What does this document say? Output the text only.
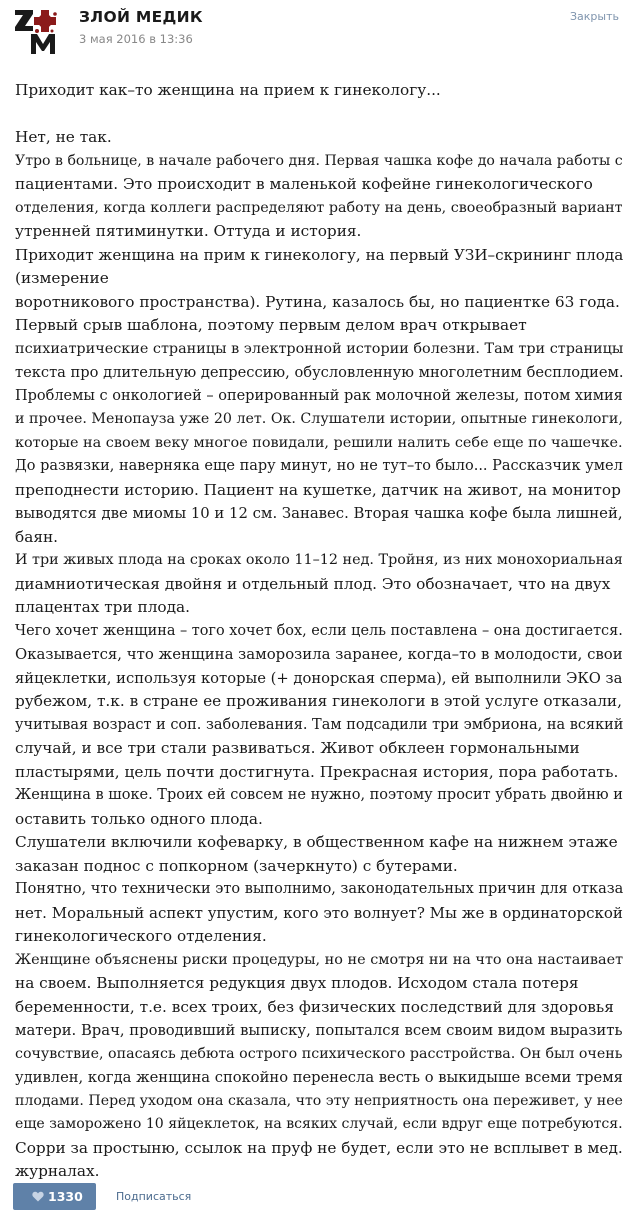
ЗЛОЙ МЕДИК
3 мая 2016 в 13:36
Закрыть
Приходит как–то женщина на прием к гинекологу...
Нет, не так.
Утро в больнице, в начале рабочего дня. Первая чашка кофе до начала работы с
пациентами. Это происходит в маленькой кофейне гинекологического
отделения, когда коллеги распределяют работу на день, своеобразный вариант
утренней пятиминутки. Оттуда и история.
Приходит женщина на прим к гинекологу, на первый УЗИ–скрининг плода
(измерение
воротникового пространства). Рутина, казалось бы, но пациентке 63 года.
Первый срыв шаблона, поэтому первым делом врач открывает
психиатрические страницы в электронной истории болезни. Там три страницы
текста про длительную депрессию, обусловленную многолетним бесплодием.
Проблемы с онкологией – оперированный рак молочной железы, потом химия
и прочее. Менопауза уже 20 лет. Ок. Слушатели истории, опытные гинекологи,
которые на своем веку многое повидали, решили налить себе еще по чашечке.
До развязки, наверняка еще пару минут, но не тут–то было... Рассказчик умел
преподнести историю. Пациент на кушетке, датчик на живот, на монитор
выводятся две миомы 10 и 12 см. Занавес. Вторая чашка кофе была лишней,
баян.
И три живых плода на сроках около 11–12 нед. Тройня, из них монохориальная
диамниотическая двойня и отдельный плод. Это обозначает, что на двух
плацентах три плода.
Чего хочет женщина – того хочет бох, если цель поставлена – она достигается.
Оказывается, что женщина заморозила заранее, когда–то в молодости, свои
яйцеклетки, используя которые (+ донорская сперма), ей выполнили ЭКО за
рубежом, т.к. в стране ее проживания гинекологи в этой услуге отказали,
учитывая возраст и соп. заболевания. Там подсадили три эмбриона, на всякий
случай, и все три стали развиваться. Живот обклеен гормональными
пластырями, цель почти достигнута. Прекрасная история, пора работать.
Женщина в шоке. Троих ей совсем не нужно, поэтому просит убрать двойню и
оставить только одного плода.
Слушатели включили кофеварку, в общественном кафе на нижнем этаже
заказан поднос с попкорном (зачеркнуто) с бутерами.
Понятно, что технически это выполнимо, законодательных причин для отказа
нет. Моральный аспект упустим, кого это волнует? Мы же в ординаторской
гинекологического отделения.
Женщине объяснены риски процедуры, но не смотря ни на что она настаивает
на своем. Выполняется редукция двух плодов. Исходом стала потеря
беременности, т.е. всех троих, без физических последствий для здоровья
матери. Врач, проводивший выписку, попытался всем своим видом выразить
сочувствие, опасаясь дебюта острого психического расстройства. Он был очень
удивлен, когда женщина спокойно перенесла весть о выкидыше всеми тремя
плодами. Перед уходом она сказала, что эту неприятность она переживет, у нее
еще заморожено 10 яйцеклеток, на всяких случай, если вдруг еще потребуются.
Сорри за простыню, ссылок на пруф не будет, если это не всплывет в мед.
журналах.
1330	Подписаться
